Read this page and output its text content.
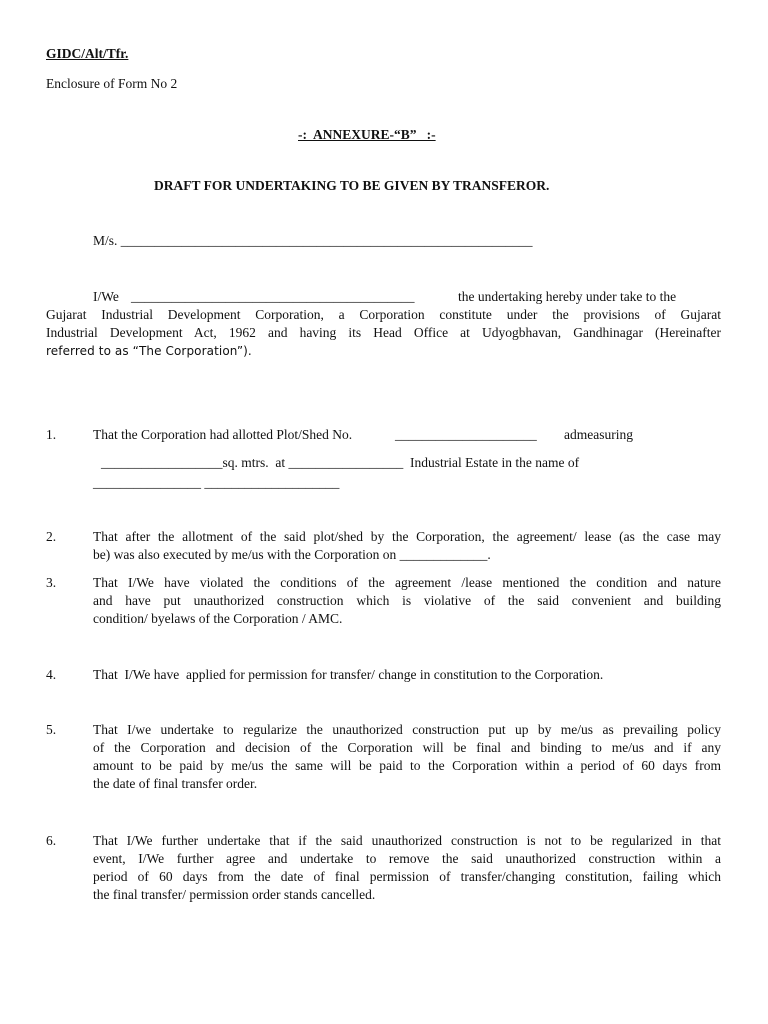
GIDC/Alt/Tfr.
Enclosure of Form No 2
-:  ANNEXURE-“B”   :-
DRAFT FOR UNDERTAKING TO BE GIVEN BY TRANSFEROR.
M/s. _____________________________________________________________
I/We __________________________________________	the undertaking hereby under take to the
Gujarat Industrial Development Corporation, a Corporation constitute under the provisions of Gujarat
Industrial Development Act, 1962 and having its Head Office at Udyogbhavan, Gandhinagar (Hereinafter
referred to as “The Corporation”).
1.	That the Corporation had allotted Plot/Shed No.	_____________________ admeasuring
__________________sq. mtrs.  at _________________  Industrial Estate in the name of
________________ ____________________
2.	That after the allotment of the said plot/shed by the Corporation, the agreement/ lease (as the case may
be) was also executed by me/us with the Corporation on _____________.
3.	That I/We have violated the conditions of the agreement /lease mentioned the condition and nature
and have put unauthorized construction which is violative of the said convenient and building
condition/ byelaws of the Corporation / AMC.
4.	That  I/We have  applied for permission for transfer/ change in constitution to the Corporation.
5.	That I/we undertake to regularize the unauthorized construction put up by me/us as prevailing policy
of the Corporation and decision of the Corporation will be final and binding to me/us and if any
amount to be paid by me/us the same will be paid to the Corporation within a period of 60 days from
the date of final transfer order.
6.	That I/We further undertake that if the said unauthorized construction is not to be regularized in that
event, I/We further agree and undertake to remove the said unauthorized construction within a
period of 60 days from the date of final permission of transfer/changing constitution, failing which
the final transfer/ permission order stands cancelled.
